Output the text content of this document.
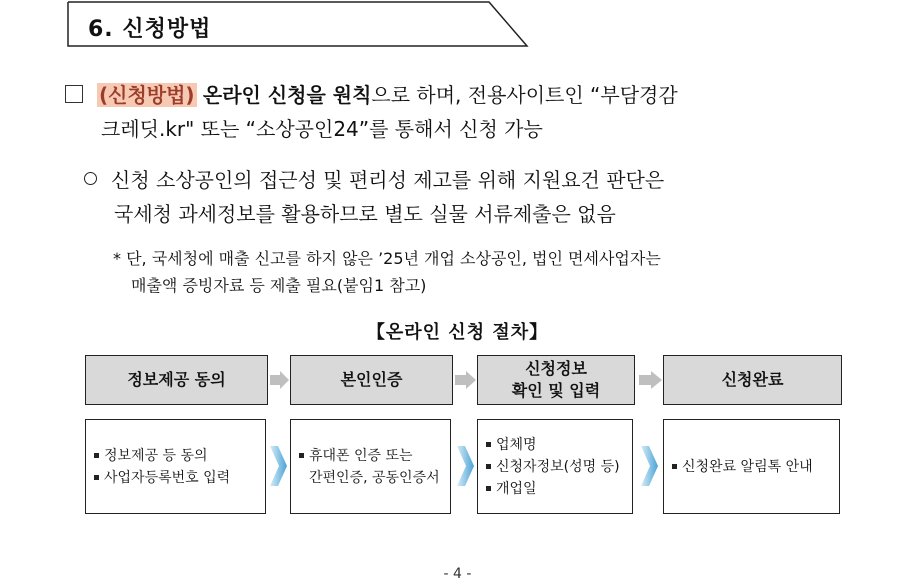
6. 신청방법
(신청방법) 온라인 신청을 원칙으로 하며, 전용사이트인 “부담경감
크레딧.kr" 또는 “소상공인24”를 통해서 신청 가능
신청 소상공인의 접근성 및 편리성 제고를 위해 지원요건 판단은
국세청 과세정보를 활용하므로 별도 실물 서류제출은 없음
* 단, 국세청에 매출 신고를 하지 않은 ’25년 개업 소상공인, 법인 면세사업자는
매출액 증빙자료 등 제출 필요(붙임1 참고)
【온라인 신청 절차】
정보제공 동의	본인인증
신청정보
확인 및 입력
신청완료
정보제공 등 동의
사업자등록번호 입력
휴대폰 인증 또는
간편인증, 공동인증서
업체명
신청자정보(성명 등)
개업일
신청완료 알림톡 안내
- 4 -
